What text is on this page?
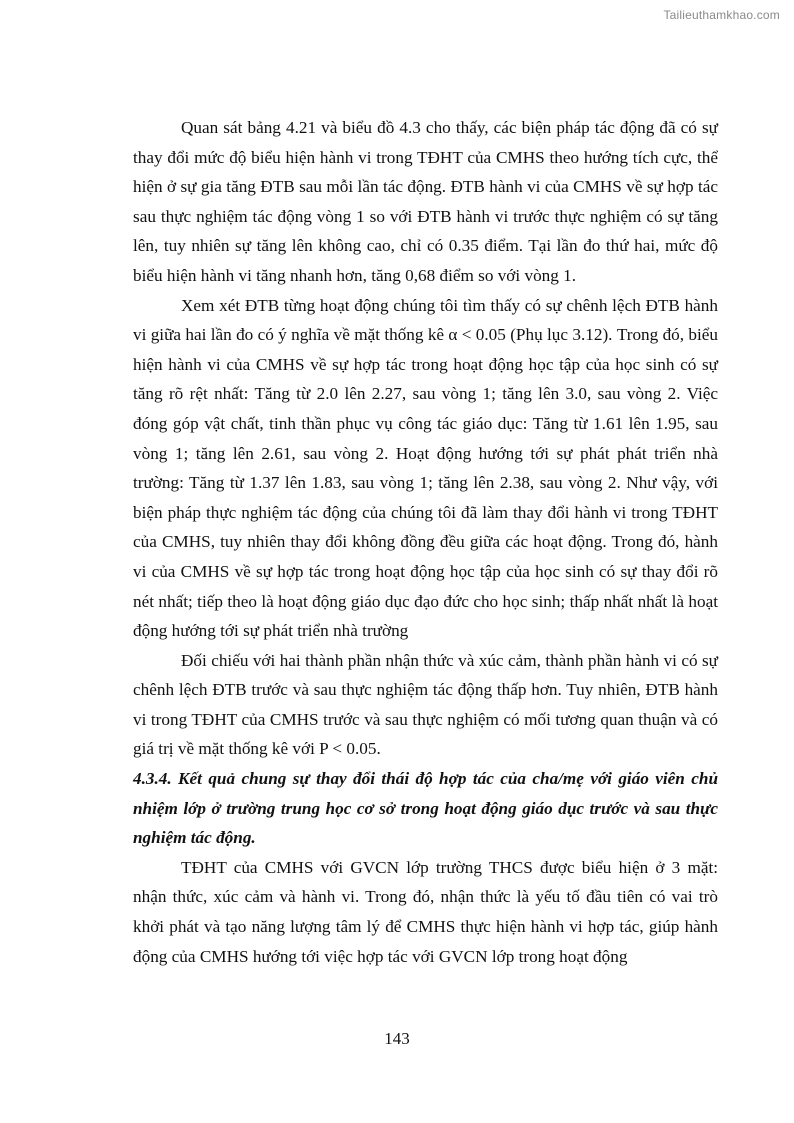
Tailieuthamkhao.com

Quan sát bảng 4.21 và biểu đồ 4.3 cho thấy, các biện pháp tác động đã có sự thay đổi mức độ biểu hiện hành vi trong TĐHT của CMHS theo hướng tích cực, thể hiện ở sự gia tăng ĐTB sau mỗi lần tác động. ĐTB hành vi của CMHS về sự hợp tác sau thực nghiệm tác động vòng 1 so với ĐTB hành vi trước thực nghiệm có sự tăng lên, tuy nhiên sự tăng lên không cao, chỉ có 0.35 điểm. Tại lần đo thứ hai, mức độ biểu hiện hành vi tăng nhanh hơn, tăng 0,68 điểm so với vòng 1.

Xem xét ĐTB từng hoạt động chúng tôi tìm thấy có sự chênh lệch ĐTB hành vi giữa hai lần đo có ý nghĩa về mặt thống kê α < 0.05 (Phụ lục 3.12). Trong đó, biểu hiện hành vi của CMHS về sự hợp tác trong hoạt động học tập của học sinh có sự tăng rõ rệt nhất: Tăng từ 2.0 lên 2.27, sau vòng 1; tăng lên 3.0, sau vòng 2. Việc đóng góp vật chất, tinh thần phục vụ công tác giáo dục: Tăng từ 1.61 lên 1.95, sau vòng 1; tăng lên 2.61, sau vòng 2. Hoạt động hướng tới sự phát phát triển nhà trường: Tăng từ 1.37 lên 1.83, sau vòng 1; tăng lên 2.38, sau vòng 2. Như vậy, với biện pháp thực nghiệm tác động của chúng tôi đã làm thay đổi hành vi trong TĐHT của CMHS, tuy nhiên thay đổi không đồng đều giữa các hoạt động. Trong đó, hành vi của CMHS về sự hợp tác trong hoạt động học tập của học sinh có sự thay đổi rõ nét nhất; tiếp theo là hoạt động giáo dục đạo đức cho học sinh; thấp nhất nhất là hoạt động hướng tới sự phát triển nhà trường

Đối chiếu với hai thành phần nhận thức và xúc cảm, thành phần hành vi có sự chênh lệch ĐTB trước và sau thực nghiệm tác động thấp hơn. Tuy nhiên, ĐTB hành vi trong TĐHT của CMHS trước và sau thực nghiệm có mối tương quan thuận và có giá trị về mặt thống kê với P < 0.05.

4.3.4. Kết quả chung sự thay đổi thái độ hợp tác của cha/mẹ với giáo viên chủ nhiệm lớp ở trường trung học cơ sở trong hoạt động giáo dục trước và sau thực nghiệm tác động.

TĐHT của CMHS với GVCN lớp trường THCS được biểu hiện ở 3 mặt: nhận thức, xúc cảm và hành vi. Trong đó, nhận thức là yếu tố đầu tiên có vai trò khởi phát và tạo năng lượng tâm lý để CMHS thực hiện hành vi hợp tác, giúp hành động của CMHS hướng tới việc hợp tác với GVCN lớp trong hoạt động

143
